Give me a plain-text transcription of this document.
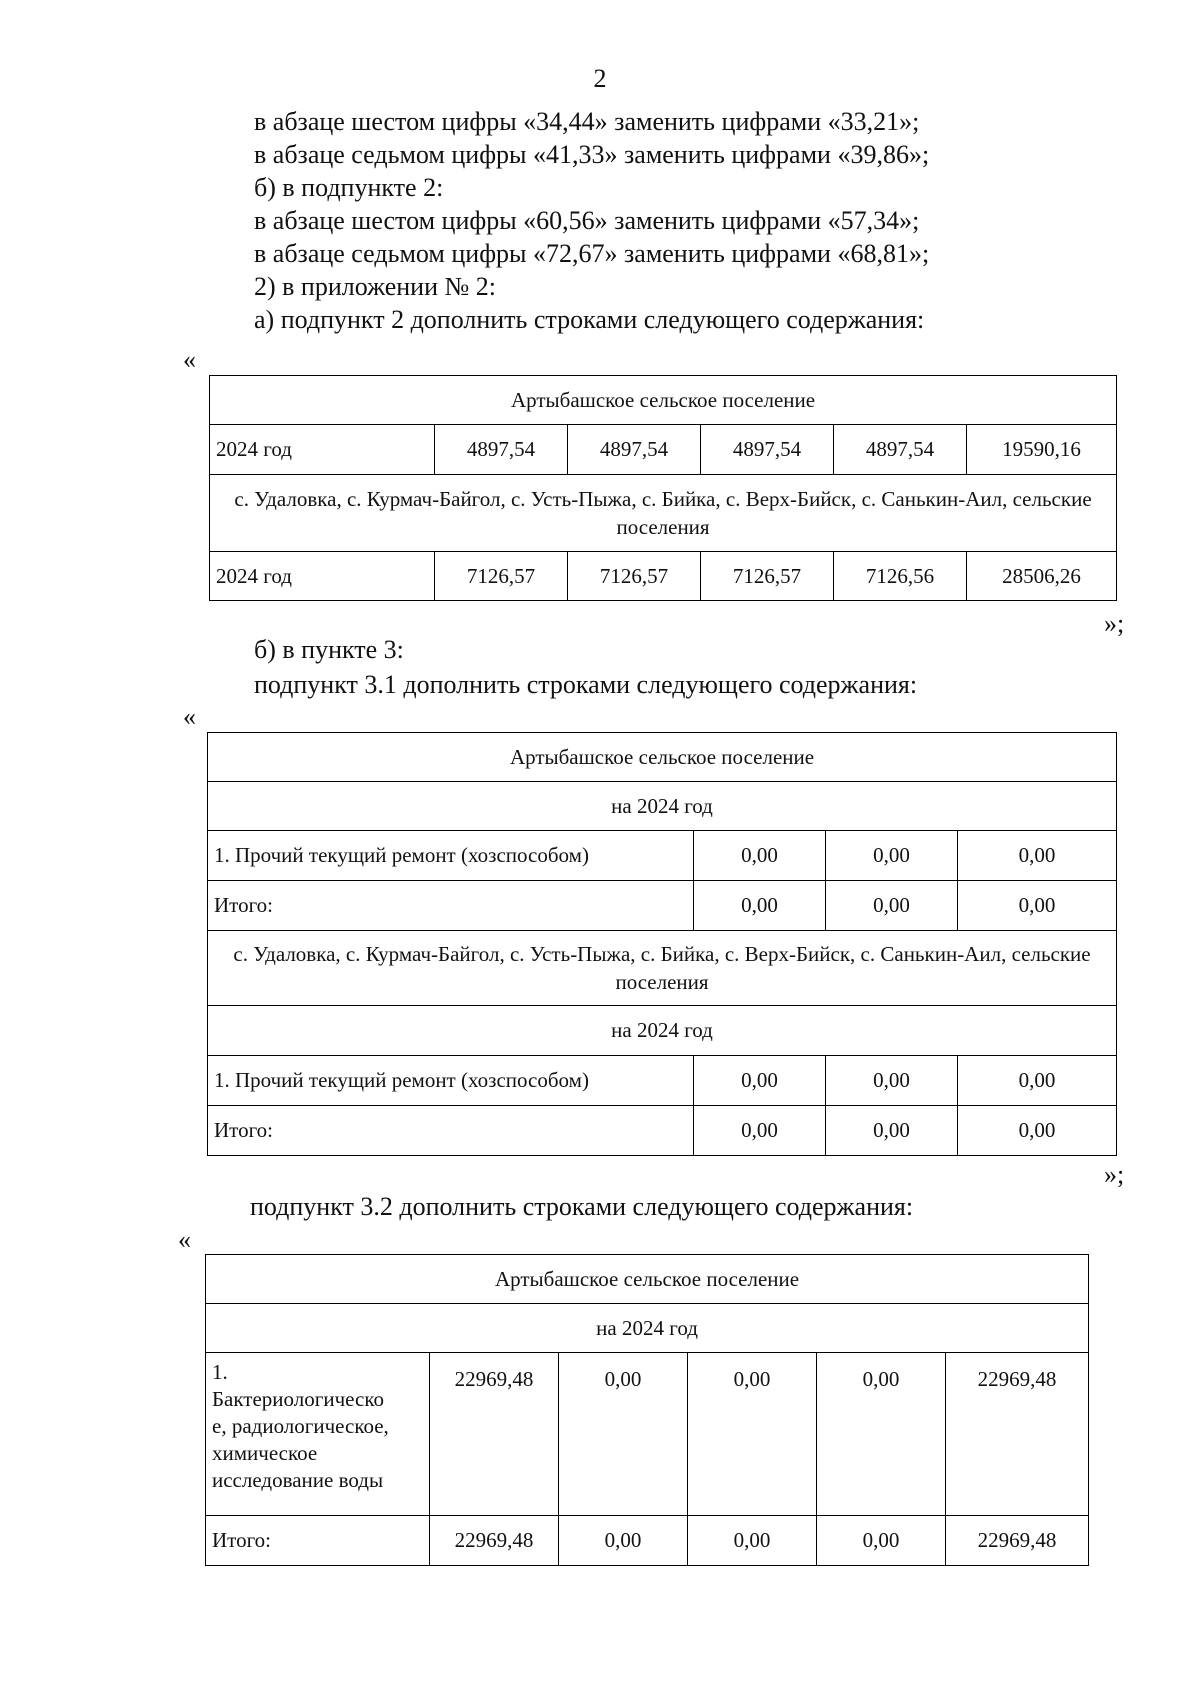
2
в абзаце шестом цифры «34,44» заменить цифрами «33,21»;
в абзаце седьмом цифры «41,33» заменить цифрами «39,86»;
б) в подпункте 2:
в абзаце шестом цифры «60,56» заменить цифрами «57,34»;
в абзаце седьмом цифры «72,67» заменить цифрами «68,81»;
2) в приложении № 2:
а) подпункт 2 дополнить строками следующего содержания:
«
Артыбашское сельское поселение					
2024 год	4897,54	4897,54	4897,54	4897,54	19590,16
с. Удаловка, с. Курмач-Байгол, с. Усть-Пыжа, с. Бийка, с. Верх-Бийск, с. Санькин-Аил, сельские поселения					
2024 год	7126,57	7126,57	7126,57	7126,56	28506,26
»;
б) в пункте 3:
подпункт 3.1 дополнить строками следующего содержания:
«
Артыбашское сельское поселение			
на 2024 год			
1. Прочий текущий ремонт (хозспособом)	0,00	0,00	0,00
Итого:	0,00	0,00	0,00
с. Удаловка, с. Курмач-Байгол, с. Усть-Пыжа, с. Бийка, с. Верх-Бийск, с. Санькин-Аил, сельские поселения			
на 2024 год			
1. Прочий текущий ремонт (хозспособом)	0,00	0,00	0,00
Итого:	0,00	0,00	0,00
»;
подпункт 3.2 дополнить строками следующего содержания:
«
Артыбашское сельское поселение					
на 2024 год					

1.
Бактериологическо
е, радиологическое,
химическое
исследование воды	22969,48	0,00	0,00	0,00	22969,48
Итого:	22969,48	0,00	0,00	0,00	22969,48
